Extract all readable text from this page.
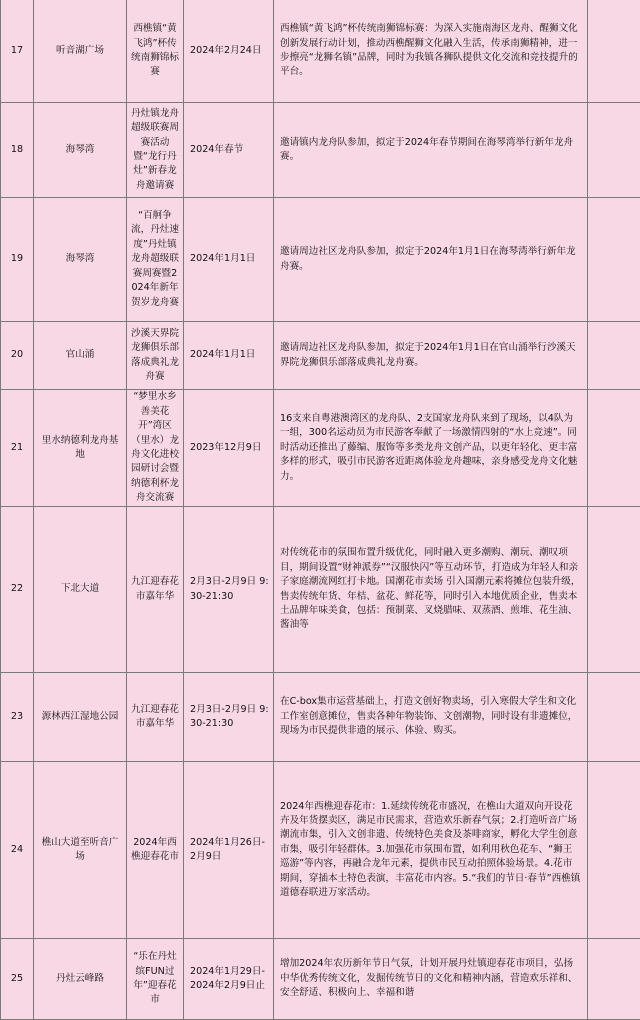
17	听音湖广场	西樵镇“黄飞鸿”杯传统南狮锦标赛	2024年2月24日	西樵镇“黄飞鸿”杯传统南狮锦标赛：为深入实施南海区龙舟、醒狮文化创新发展行动计划，推动西樵醒狮文化融入生活，传承南狮精神，进一步擦亮“龙狮名镇”品牌，同时为我镇各狮队提供文化交流和竞技提升的平台。	
18	海琴湾	丹灶镇龙舟超级联赛周赛活动暨“龙行丹灶”新春龙舟邀请赛	2024年春节	邀请镇内龙舟队参加，拟定于2024年春节期间在海琴湾举行新年龙舟赛。	
19	海琴湾	“百舸争流，丹灶速度”丹灶镇龙舟超级联赛周赛暨2024年新年贺岁龙舟赛	2024年1月1日	邀请周边社区龙舟队参加，拟定于2024年1月1日在海琴湾举行新年龙舟赛。	
20	官山涌	沙溪天界院龙狮俱乐部落成典礼龙舟赛	2024年1月1日	邀请周边社区龙舟队参加，拟定于2024年1月1日在官山涌举行沙溪天界院龙狮俱乐部落成典礼龙舟赛。	
21	里水纳德利龙舟基地	“梦里水乡 善美花开”湾区（里水）龙舟文化进校园研讨会暨纳德利杯龙舟交流赛	2023年12月9日	16支来自粤港澳湾区的龙舟队、2支国家龙舟队来到了现场，以4队为一组，300名运动员为市民游客奉献了一场激情四射的“水上竞速”。同时活动还推出了藤编、服饰等多类龙舟文创产品，以更年轻化、更丰富多样的形式，吸引市民游客近距离体验龙舟趣味，亲身感受龙舟文化魅力。	
22	下北大道	九江迎春花市嘉年华	2月3日-2月9日 9:30-21:30	对传统花市的氛围布置升级优化，同时融入更多潮购、潮玩、潮叹项目，期间设置“财神派券”“汉服快闪”等互动环节，打造成为年轻人和亲子家庭潮流网红打卡地。国潮花市卖场 引入国潮元素将摊位包装升级，售卖传统年货、年桔、盆花、鲜花等，同时引入本地优质企业，售卖本土品牌年味美食，包括：预制菜、叉烧腊味、双蒸酒、煎堆、花生油、酱油等	
23	源林西江湿地公园	九江迎春花市嘉年华	2月3日-2月9日 9:30-21:30	在C-box集市运营基础上，打造文创好物卖场，引入寒假大学生和文化工作室创意摊位，售卖各种年物装饰、文创潮物，同时设有非遗摊位，现场为市民提供非遗的展示、体验、购买。	
24	樵山大道至听音广场	2024年西樵迎春花市	2024年1月26日-2月9日	2024年西樵迎春花市：1.延续传统花市盛况，在樵山大道双向开设花卉及年货摆卖区，满足市民需求，营造欢乐新春气氛；2.打造听音广场潮流市集，引入文创非遗、传统特色美食及茶啡商家，孵化大学生创意市集，吸引年轻群体。3.加强花市氛围布置，如利用秋色花车、“狮王巡游”等内容，再融合龙年元素，提供市民互动拍照体验场景。4.花市期间，穿插本土特色表演，丰富花市内容。5.“我们的节日·春节”西樵镇道德春联进万家活动。	
25	丹灶云峰路	“乐在丹灶 缤FUN过年”迎春花市	2024年1月29日-2024年2月9日止	增加2024年农历新年节日气氛，计划开展丹灶镇迎春花市项目，弘扬中华优秀传统文化，发掘传统节日的文化和精神内涵，营造欢乐祥和、安全舒适、积极向上、幸福和谐	
